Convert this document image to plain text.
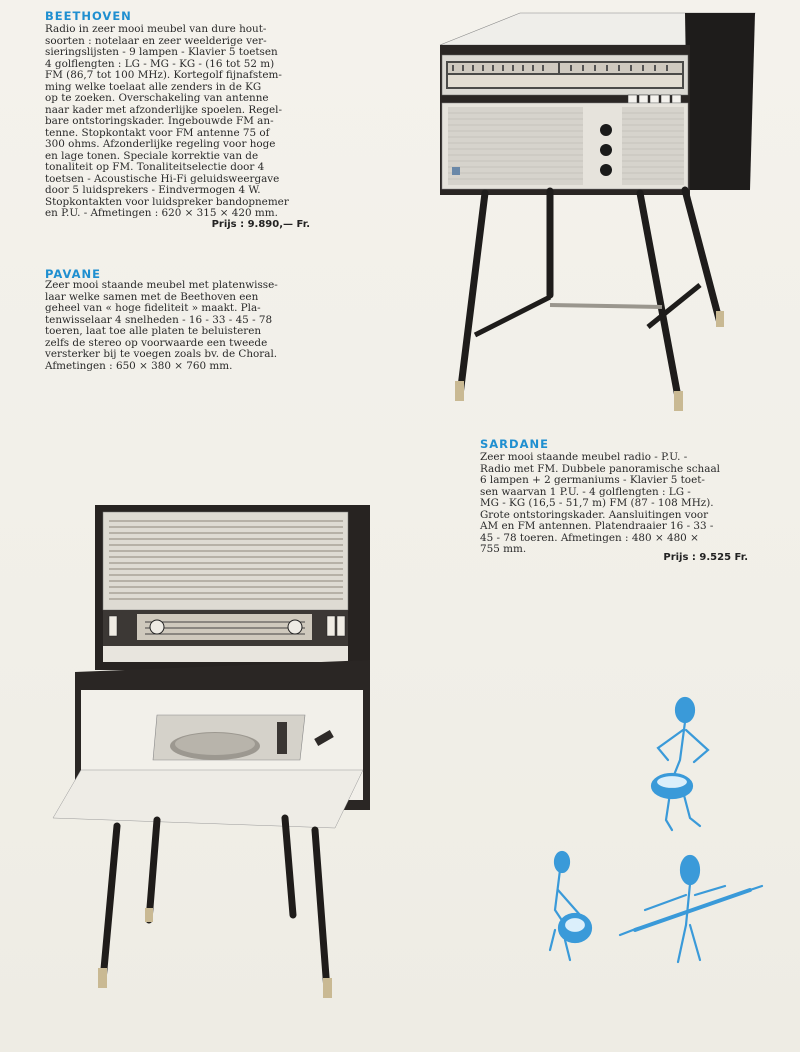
BEETHOVEN

Radio in zeer mooi meubel van dure hout-

soorten : notelaar en zeer weelderige ver-

sieringslijsten - 9 lampen - Klavier 5 toetsen

4 golflengten : LG - MG - KG - (16 tot 52 m)

FM (86,7 tot 100 MHz). Kortegolf fijnafstem-

ming welke toelaat alle zenders in de KG

op te zoeken. Overschakeling van antenne

naar kader met afzonderlijke spoelen. Regel-

bare ontstoringskader. Ingebouwde FM an-

tenne. Stopkontakt voor FM antenne 75 of

300 ohms. Afzonderlijke regeling voor hoge

en lage tonen. Speciale korrektie van de

tonaliteit op FM. Tonaliteitselectie door 4

toetsen - Acoustische Hi-Fi geluidsweergave

door 5 luidsprekers - Eindvermogen 4 W.

Stopkontakten voor luidspreker bandopnemer

en P.U. - Afmetingen : 620 × 315 × 420 mm.

Prijs : 9.890,— Fr.
PAVANE

Zeer mooi staande meubel met platenwisse-

laar welke samen met de Beethoven een

geheel van « hoge fideliteit » maakt. Pla-

tenwisselaar 4 snelheden - 16 - 33 - 45 - 78

toeren, laat toe alle platen te beluisteren

zelfs de stereo op voorwaarde een tweede

versterker bij te voegen zoals bv. de Choral.

Afmetingen : 650 × 380 × 760 mm.

SARDANE

Zeer mooi staande meubel radio - P.U. -

Radio met FM. Dubbele panoramische schaal

6 lampen + 2 germaniums - Klavier 5 toet-

sen waarvan 1 P.U. - 4 golflengten : LG -

MG - KG (16,5 - 51,7 m) FM (87 - 108 MHz).

Grote ontstoringskader. Aansluitingen voor

AM en FM antennen. Platendraaier 16 - 33 -

45 - 78 toeren. Afmetingen : 480 × 480 ×

755 mm.

Prijs : 9.525 Fr.
